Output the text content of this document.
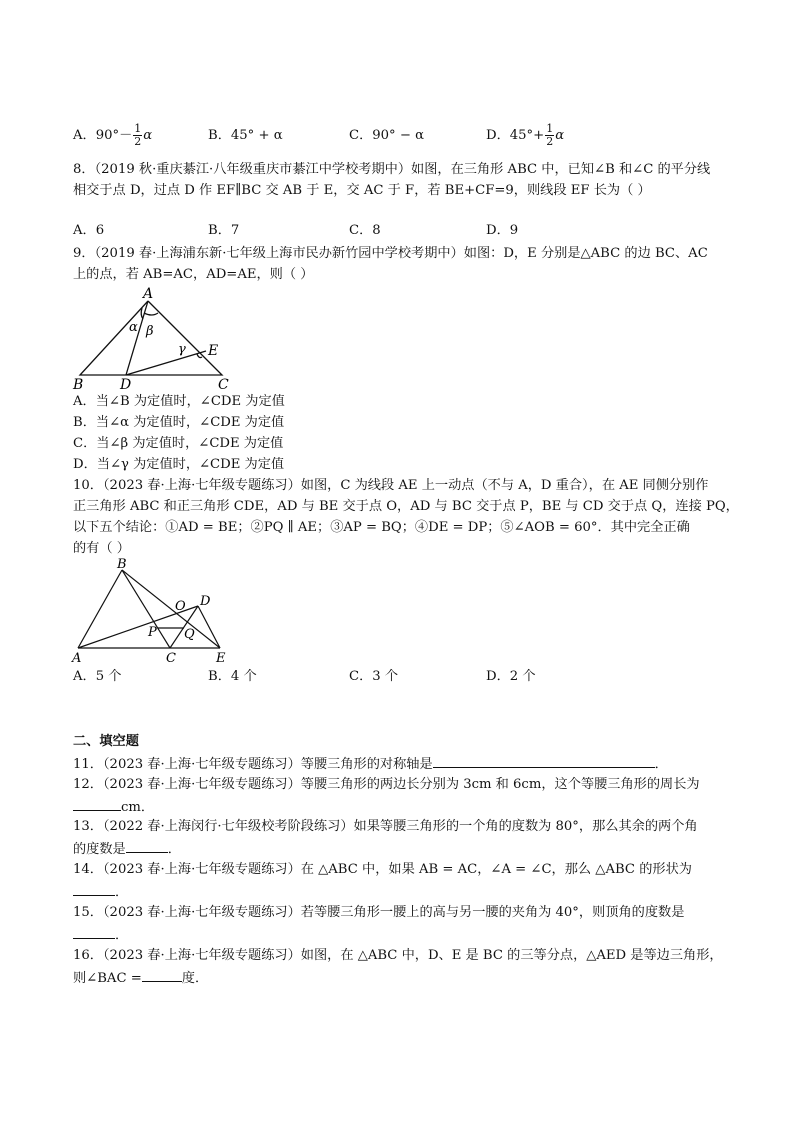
A．$90^\circ- \frac{1}{2}$ α	B．45° + α	C．90° − α	D．$45^\circ+ \frac{1}{2}$ α
8．（2019 秋·重庆綦江·八年级重庆市綦江中学校考期中）如图，在三角形 ABC 中，已知∠B 和∠C 的平分线
相交于点 D，过点 D 作 EF∥BC 交 AB 于 E，交 AC 于 F，若 BE+CF=9，则线段 EF 长为（ ）
A．6	B．7	C．8	D．9
9．（2019 春·上海浦东新·七年级上海市民办新竹园中学校考期中）如图：D，E 分别是△ABC 的边 BC、AC
上的点，若 AB=AC，AD=AE，则（ ）
A
B	C
D
E
α β
γ
A．当∠B 为定值时，∠CDE 为定值
B．当∠α 为定值时，∠CDE 为定值
C．当∠β 为定值时，∠CDE 为定值
D．当∠γ 为定值时，∠CDE 为定值
10．（2023 春·上海·七年级专题练习）如图，C 为线段 AE 上一动点（不与 A，D 重合），在 AE 同侧分别作
正三角形 ABC 和正三角形 CDE，AD 与 BE 交于点 O，AD 与 BC 交于点 P，BE 与 CD 交于点 Q，连接 PQ，
以下五个结论：①AD = BE；②PQ ∥ AE；③AP = BQ；④DE = DP；⑤∠AOB = 60°．其中完全正确
的有（ ）
B
A	C	E
D
O
P Q
A．5 个	B．4 个	C．3 个	D．2 个
二、填空题
11．（2023 春·上海·七年级专题练习）等腰三角形的对称轴是	．
12．（2023 春·上海·七年级专题练习）等腰三角形的两边长分别为 3cm 和 6cm，这个等腰三角形的周长为
cm．
13．（2022 春·上海闵行·七年级校考阶段练习）如果等腰三角形的一个角的度数为 80°，那么其余的两个角
的度数是	．
14．（2023 春·上海·七年级专题练习）在 △ABC 中，如果 AB = AC，∠A = ∠C，那么 △ABC 的形状为
．
15．（2023 春·上海·七年级专题练习）若等腰三角形一腰上的高与另一腰的夹角为 40°，则顶角的度数是
．
16．（2023 春·上海·七年级专题练习）如图，在 △ABC 中，D、E 是 BC 的三等分点，△AED 是等边三角形，
则∠BAC =	度．
